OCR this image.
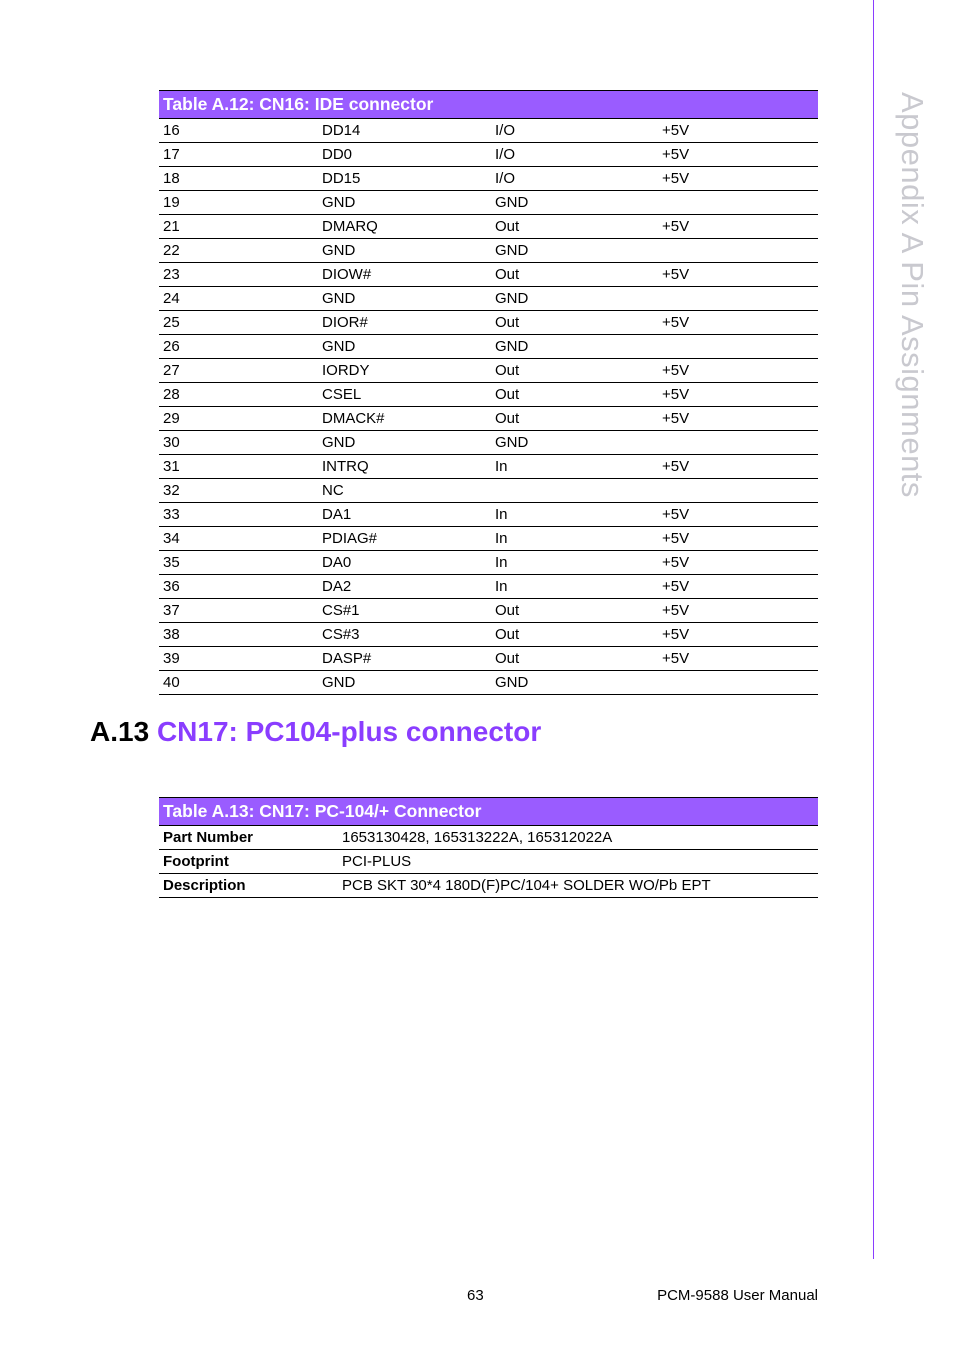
Appendix A Pin Assignments
Table A.12: CN16: IDE connector			
16	DD14	I/O	+5V
17	DD0	I/O	+5V
18	DD15	I/O	+5V
19	GND	GND	
21	DMARQ	Out	+5V
22	GND	GND	
23	DIOW#	Out	+5V
24	GND	GND	
25	DIOR#	Out	+5V
26	GND	GND	
27	IORDY	Out	+5V
28	CSEL	Out	+5V
29	DMACK#	Out	+5V
30	GND	GND	
31	INTRQ	In	+5V
32	NC		
33	DA1	In	+5V
34	PDIAG#	In	+5V
35	DA0	In	+5V
36	DA2	In	+5V
37	CS#1	Out	+5V
38	CS#3	Out	+5V
39	DASP#	Out	+5V
40	GND	GND	
A.13 CN17: PC104-plus connector
Table A.13: CN17: PC-104/+ Connector	
Part Number	1653130428, 165313222A, 165312022A
Footprint	PCI-PLUS
Description	PCB SKT 30*4 180D(F)PC/104+ SOLDER WO/Pb EPT
63	PCM-9588 User Manual
